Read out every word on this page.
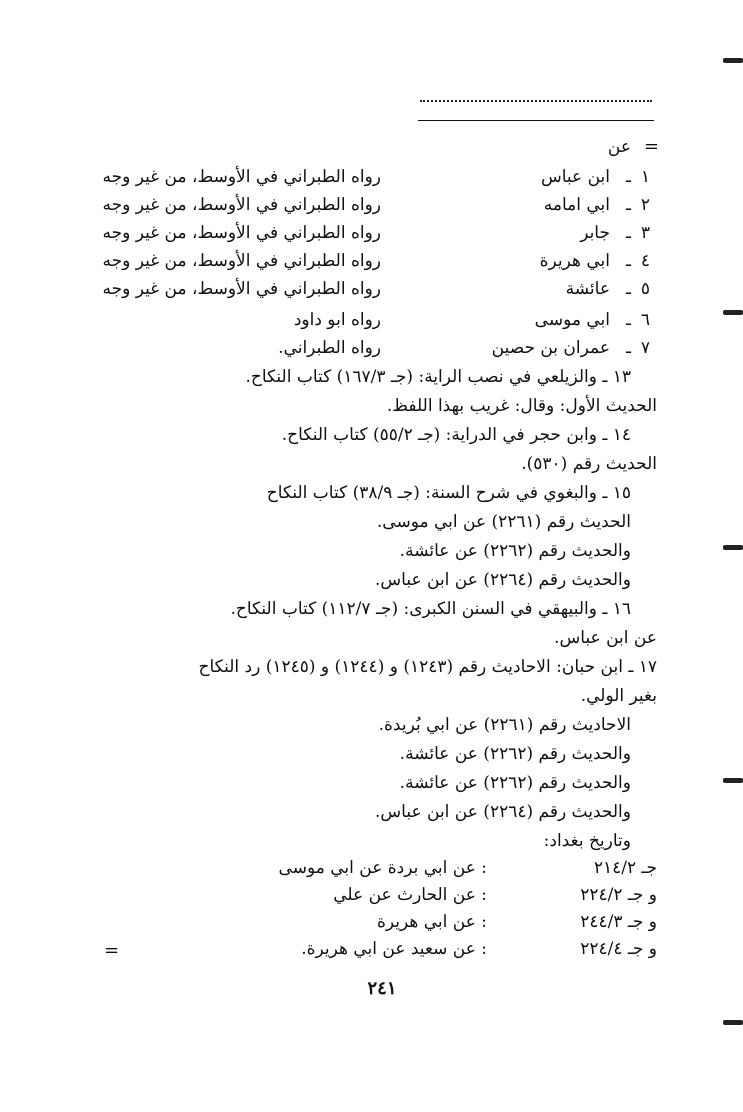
=
عن
١
ـ
ابن عباس
رواه الطبراني في الأوسط، من غير وجه
٢
ـ
ابي امامه
رواه الطبراني في الأوسط، من غير وجه
٣
ـ
جابر
رواه الطبراني في الأوسط، من غير وجه
٤
ـ
ابي هريرة
رواه الطبراني في الأوسط، من غير وجه
٥
ـ
عائشة
رواه الطبراني في الأوسط، من غير وجه
٦
ـ
ابي موسى
رواه ابو داود
٧
ـ
عمران بن حصين
رواه الطبراني.
١٣ ـ والزيلعي في نصب الراية: (جـ ١٦٧/٣) كتاب النكاح.
الحديث الأول: وقال: غريب بهذا اللفظ.
١٤ ـ وابن حجر في الدراية: (جـ ٥٥/٢) كتاب النكاح.
الحديث رقم (٥٣٠).
١٥ ـ والبغوي في شرح السنة: (جـ ٣٨/٩) كتاب النكاح
الحديث رقم (٢٢٦١) عن ابي موسى.
والحديث رقم (٢٢٦٢) عن عائشة.
والحديث رقم (٢٢٦٤) عن ابن عباس.
١٦ ـ والبيهقي في السنن الكبرى: (جـ ١١٢/٧) كتاب النكاح.
عن ابن عباس.
١٧ ـ ابن حبان: الاحاديث رقم (١٢٤٣) و (١٢٤٤) و (١٢٤٥) رد النكاح
بغير الولي.
الاحاديث رقم (٢٢٦١) عن ابي بُريدة.
والحديث رقم (٢٢٦٢) عن عائشة.
والحديث رقم (٢٢٦٢) عن عائشة.
والحديث رقم (٢٢٦٤) عن ابن عباس.
وتاريخ بغداد:
جـ ٢١٤/٢
: عن ابي بردة عن ابي موسى
و جـ ٢٢٤/٢
: عن الحارث عن علي
و جـ ٢٤٤/٣
: عن ابي هريرة
و جـ ٢٢٤/٤
: عن سعيد عن ابي هريرة.
=
٢٤١
